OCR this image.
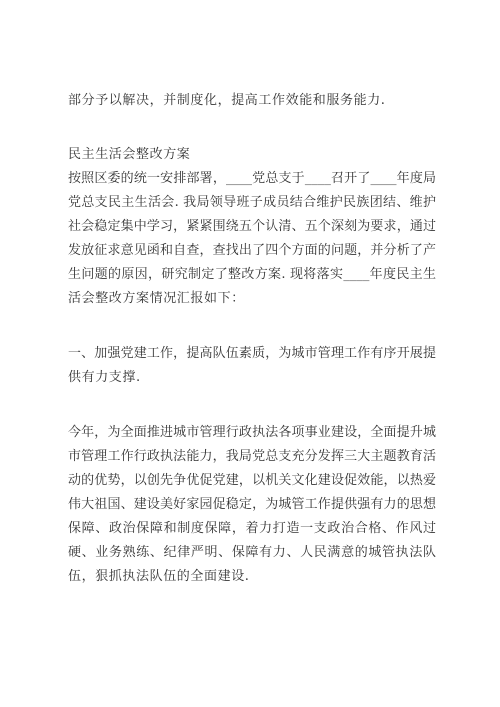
部分予以解决，并制度化，提高工作效能和服务能力.
民主生活会整改方案
按照区委的统一安排部署，____党总支于____召开了____年度局
党总支民主生活会. 我局领导班子成员结合维护民族团结、维护
社会稳定集中学习，紧紧围绕五个认清、五个深刻为要求，通过
发放征求意见函和自查，查找出了四个方面的问题，并分析了产
生问题的原因，研究制定了整改方案. 现将落实____年度民主生
活会整改方案情况汇报如下：
一、加强党建工作，提高队伍素质，为城市管理工作有序开展提
供有力支撑.
今年，为全面推进城市管理行政执法各项事业建设，全面提升城
市管理工作行政执法能力，我局党总支充分发挥三大主题教育活
动的优势，以创先争优促党建，以机关文化建设促效能，以热爱
伟大祖国、建设美好家园促稳定，为城管工作提供强有力的思想
保障、政治保障和制度保障，着力打造一支政治合格、作风过
硬、业务熟练、纪律严明、保障有力、人民满意的城管执法队
伍，狠抓执法队伍的全面建设.
